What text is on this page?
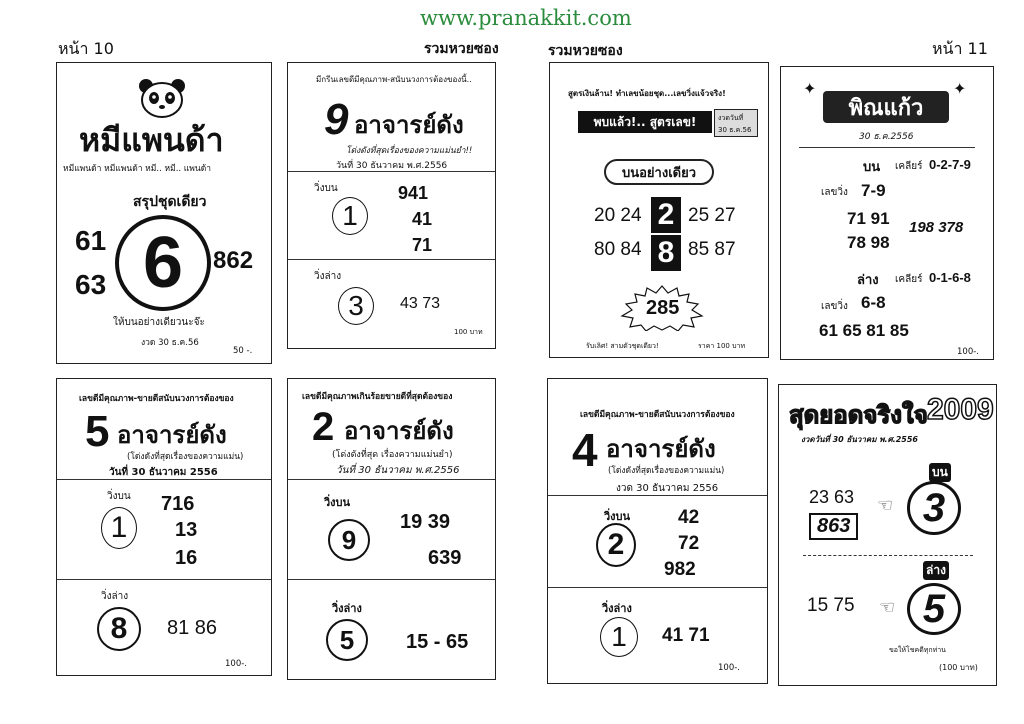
www.pranakkit.com
หน้า 10	รวมหวยซอง	รวมหวยซอง	หน้า 11
หมีแพนด้า
หมีแพนด้า หมีแพนด้า หมี.. หมี.. แพนด้า
สรุปชุดเดียว
61
63 6 862
ให้บนอย่างเดียวนะจ๊ะ
งวด 30 ธ.ค.56
50 -.
มีกรีนเลขดีมีคุณภาพ-สนับนวงการต้องของนี้..
9 อาจารย์ดัง
โด่งดังที่สุดเรื่องของความแม่นยำ!!
วันที่ 30 ธันวาคม พ.ศ.2556
วิ่งบน
1
941
41
71
วิ่งล่าง
3 43 73
100 บาท
สูตรเงินล้าน! ทำเลขน้อยชุด...เลขวิ่งแจ้วจริง!
พบแล้ว!.. สูตรเลข!	งวดวันที่
30 ธ.ค.56
บนอย่างเดียว
20 24 2 25 27
80 84 8 85 87
285
รับเลิศ! สามตัวชุดเดียว!	ราคา 100 บาท
✦	✦
พิณแก้ว
30 ธ.ค.2556
บน เคลียร์ 0-2-7-9
เลขวิ่ง 7-9
71 91
78 98
198 378
ล่าง เคลียร์ 0-1-6-8
เลขวิ่ง 6-8
61 65 81 85
100-.
เลขดีมีคุณภาพ-ขายดีสนับนวงการต้องของ
5 อาจารย์ดัง
(โด่งดังที่สุดเรื่องของความแม่น)
วันที่ 30 ธันวาคม 2556
วิ่งบน
1
716
13
16
วิ่งล่าง
8 81 86
100-.
เลขดีมีคุณภาพเกินร้อยขายดีที่สุดต้องของ
2 อาจารย์ดัง
(โด่งดังที่สุด เรื่องความแม่นยำ)
วันที่ 30 ธันวาคม พ.ศ.2556
วิ่งบน
9
19 39
639
วิ่งล่าง
5	15 - 65
เลขดีมีคุณภาพ-ขายดีสนับนวงการต้องของ
4 อาจารย์ดัง
(โด่งดังที่สุดเรื่องของความแม่น)
งวด 30 ธันวาคม 2556
วิ่งบน
2
42
72
982
วิ่งล่าง
1 41 71
100-.
สุดยอดจริงใจ 2009
งวดวันที่ 30 ธันวาคม พ.ศ.2556
บน
23 63
863
☜ 3
ล่าง
15 75 ☜ 5
ขอให้โชคดีทุกท่าน
(100 บาท)
